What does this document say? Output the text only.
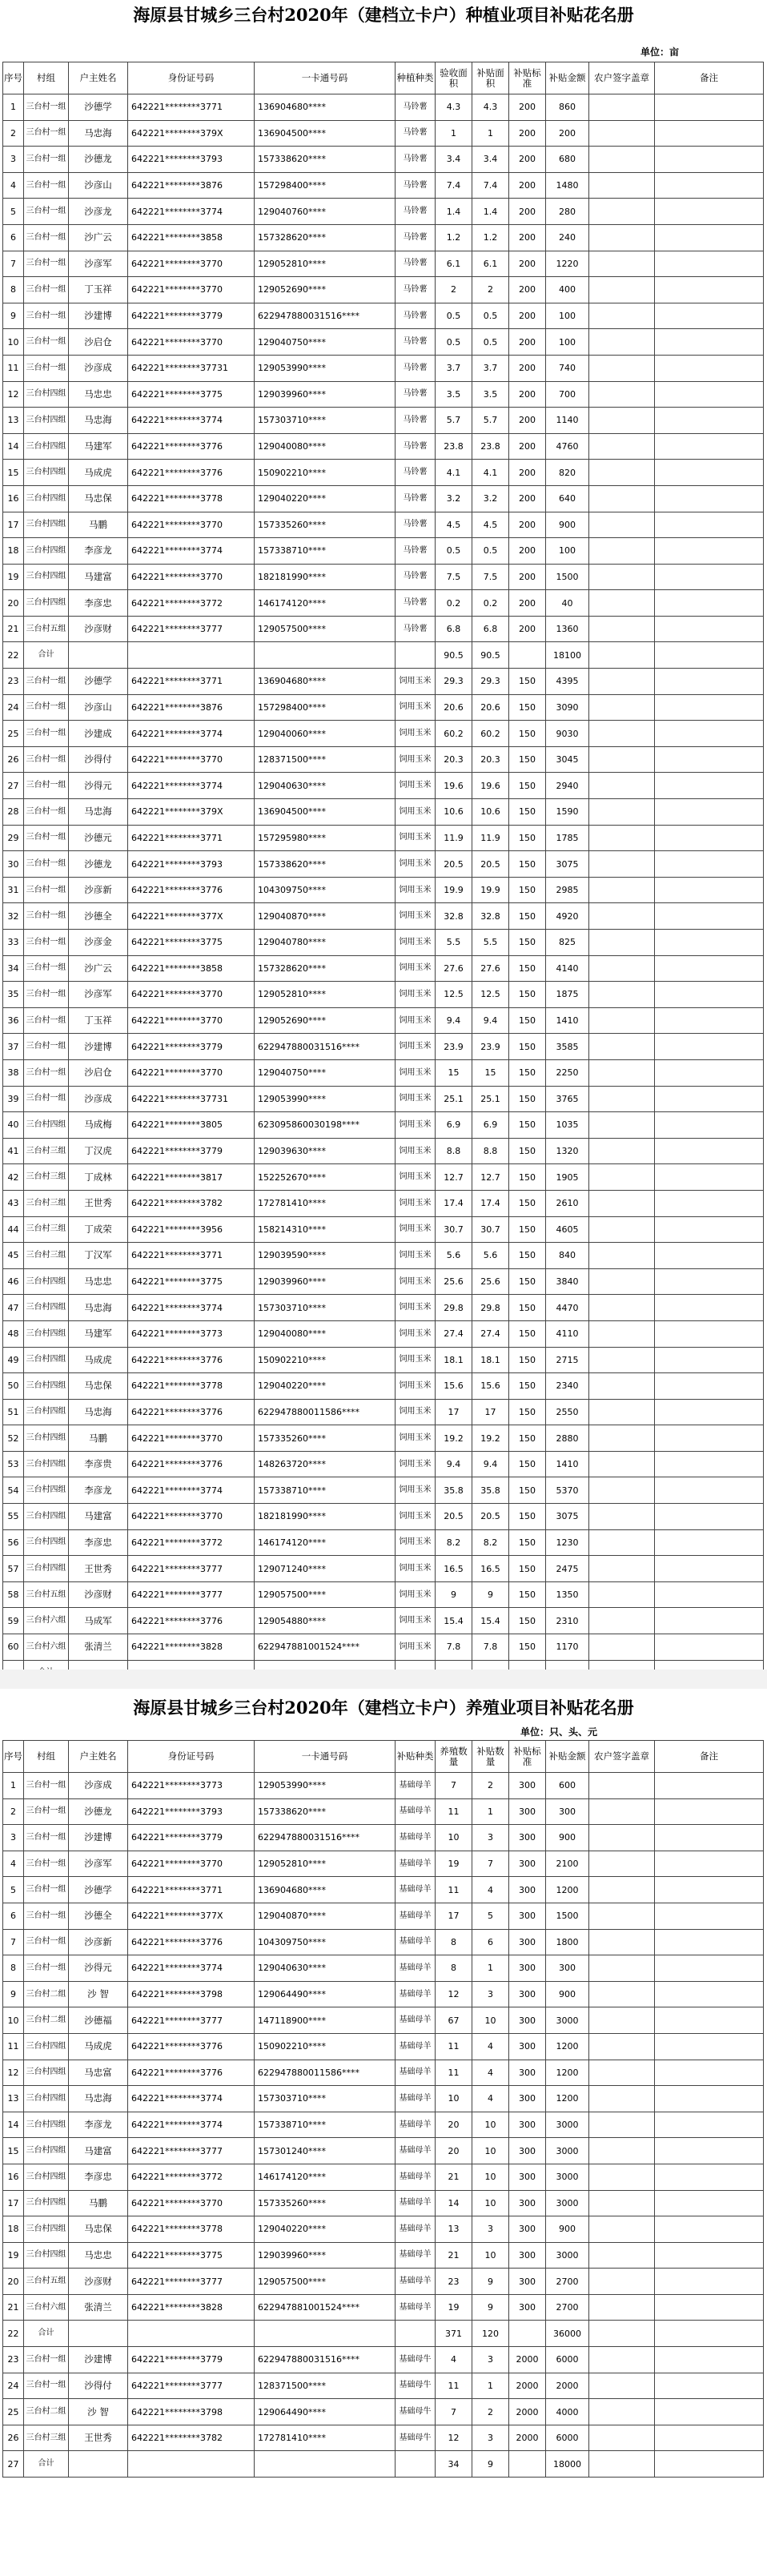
海原县甘城乡三台村2020年（建档立卡户）种植业项目补贴花名册
单位：亩
序号	村组	户主姓名	身份证号码	一卡通号码	种植种类	验收面积	补贴面积	补贴标准	补贴金额	农户签字盖章	备注
1	三台村一组	沙德学	642221********3771	136904680****	马铃薯	4.3	4.3	200	860		
2	三台村一组	马忠海	642221********379X	136904500****	马铃薯	1	1	200	200		
3	三台村一组	沙德龙	642221********3793	157338620****	马铃薯	3.4	3.4	200	680		
4	三台村一组	沙彦山	642221********3876	157298400****	马铃薯	7.4	7.4	200	1480		
5	三台村一组	沙彦龙	642221********3774	129040760****	马铃薯	1.4	1.4	200	280		
6	三台村一组	沙广云	642221********3858	157328620****	马铃薯	1.2	1.2	200	240		
7	三台村一组	沙彦军	642221********3770	129052810****	马铃薯	6.1	6.1	200	1220		
8	三台村一组	丁玉祥	642221********3770	129052690****	马铃薯	2	2	200	400		
9	三台村一组	沙建博	642221********3779	622947880031516****	马铃薯	0.5	0.5	200	100		
10	三台村一组	沙启仓	642221********3770	129040750****	马铃薯	0.5	0.5	200	100		
11	三台村一组	沙彦成	642221********37731	129053990****	马铃薯	3.7	3.7	200	740		
12	三台村四组	马忠忠	642221********3775	129039960****	马铃薯	3.5	3.5	200	700		
13	三台村四组	马忠海	642221********3774	157303710****	马铃薯	5.7	5.7	200	1140		
14	三台村四组	马建军	642221********3776	129040080****	马铃薯	23.8	23.8	200	4760		
15	三台村四组	马成虎	642221********3776	150902210****	马铃薯	4.1	4.1	200	820		
16	三台村四组	马忠保	642221********3778	129040220****	马铃薯	3.2	3.2	200	640		
17	三台村四组	马鹏	642221********3770	157335260****	马铃薯	4.5	4.5	200	900		
18	三台村四组	李彦龙	642221********3774	157338710****	马铃薯	0.5	0.5	200	100		
19	三台村四组	马建富	642221********3770	182181990****	马铃薯	7.5	7.5	200	1500		
20	三台村四组	李彦忠	642221********3772	146174120****	马铃薯	0.2	0.2	200	40		
21	三台村五组	沙彦财	642221********3777	129057500****	马铃薯	6.8	6.8	200	1360		
22	合计					90.5	90.5		18100		
23	三台村一组	沙德学	642221********3771	136904680****	饲用玉米	29.3	29.3	150	4395		
24	三台村一组	沙彦山	642221********3876	157298400****	饲用玉米	20.6	20.6	150	3090		
25	三台村一组	沙建成	642221********3774	129040060****	饲用玉米	60.2	60.2	150	9030		
26	三台村一组	沙得付	642221********3770	128371500****	饲用玉米	20.3	20.3	150	3045		
27	三台村一组	沙得元	642221********3774	129040630****	饲用玉米	19.6	19.6	150	2940		
28	三台村一组	马忠海	642221********379X	136904500****	饲用玉米	10.6	10.6	150	1590		
29	三台村一组	沙德元	642221********3771	157295980****	饲用玉米	11.9	11.9	150	1785		
30	三台村一组	沙德龙	642221********3793	157338620****	饲用玉米	20.5	20.5	150	3075		
31	三台村一组	沙彦新	642221********3776	104309750****	饲用玉米	19.9	19.9	150	2985		
32	三台村一组	沙德全	642221********377X	129040870****	饲用玉米	32.8	32.8	150	4920		
33	三台村一组	沙彦金	642221********3775	129040780****	饲用玉米	5.5	5.5	150	825		
34	三台村一组	沙广云	642221********3858	157328620****	饲用玉米	27.6	27.6	150	4140		
35	三台村一组	沙彦军	642221********3770	129052810****	饲用玉米	12.5	12.5	150	1875		
36	三台村一组	丁玉祥	642221********3770	129052690****	饲用玉米	9.4	9.4	150	1410		
37	三台村一组	沙建博	642221********3779	622947880031516****	饲用玉米	23.9	23.9	150	3585		
38	三台村一组	沙启仓	642221********3770	129040750****	饲用玉米	15	15	150	2250		
39	三台村一组	沙彦成	642221********37731	129053990****	饲用玉米	25.1	25.1	150	3765		
40	三台村四组	马成梅	642221********3805	623095860030198****	饲用玉米	6.9	6.9	150	1035		
41	三台村三组	丁汉虎	642221********3779	129039630****	饲用玉米	8.8	8.8	150	1320		
42	三台村三组	丁成林	642221********3817	152252670****	饲用玉米	12.7	12.7	150	1905		
43	三台村三组	王世秀	642221********3782	172781410****	饲用玉米	17.4	17.4	150	2610		
44	三台村三组	丁成荣	642221********3956	158214310****	饲用玉米	30.7	30.7	150	4605		
45	三台村三组	丁汉军	642221********3771	129039590****	饲用玉米	5.6	5.6	150	840		
46	三台村四组	马忠忠	642221********3775	129039960****	饲用玉米	25.6	25.6	150	3840		
47	三台村四组	马忠海	642221********3774	157303710****	饲用玉米	29.8	29.8	150	4470		
48	三台村四组	马建军	642221********3773	129040080****	饲用玉米	27.4	27.4	150	4110		
49	三台村四组	马成虎	642221********3776	150902210****	饲用玉米	18.1	18.1	150	2715		
50	三台村四组	马忠保	642221********3778	129040220****	饲用玉米	15.6	15.6	150	2340		
51	三台村四组	马忠海	642221********3776	622947880011586****	饲用玉米	17	17	150	2550		
52	三台村四组	马鹏	642221********3770	157335260****	饲用玉米	19.2	19.2	150	2880		
53	三台村四组	李彦贵	642221********3776	148263720****	饲用玉米	9.4	9.4	150	1410		
54	三台村四组	李彦龙	642221********3774	157338710****	饲用玉米	35.8	35.8	150	5370		
55	三台村四组	马建富	642221********3770	182181990****	饲用玉米	20.5	20.5	150	3075		
56	三台村四组	李彦忠	642221********3772	146174120****	饲用玉米	8.2	8.2	150	1230		
57	三台村四组	王世秀	642221********3777	129071240****	饲用玉米	16.5	16.5	150	2475		
58	三台村五组	沙彦财	642221********3777	129057500****	饲用玉米	9	9	150	1350		
59	三台村六组	马成军	642221********3776	129054880****	饲用玉米	15.4	15.4	150	2310		
60	三台村六组	张清兰	642221********3828	622947881001524****	饲用玉米	7.8	7.8	150	1170		

海原县甘城乡三台村2020年（建档立卡户）养殖业项目补贴花名册
单位：只、头、元
序号	村组	户主姓名	身份证号码	一卡通号码	补贴种类	养殖数量	补贴数量	补贴标准	补贴金额	农户签字盖章	备注
1	三台村一组	沙彦成	642221********3773	129053990****	基础母羊	7	2	300	600		
2	三台村一组	沙德龙	642221********3793	157338620****	基础母羊	11	1	300	300		
3	三台村一组	沙建博	642221********3779	622947880031516****	基础母羊	10	3	300	900		
4	三台村一组	沙彦军	642221********3770	129052810****	基础母羊	19	7	300	2100		
5	三台村一组	沙德学	642221********3771	136904680****	基础母羊	11	4	300	1200		
6	三台村一组	沙德全	642221********377X	129040870****	基础母羊	17	5	300	1500		
7	三台村一组	沙彦新	642221********3776	104309750****	基础母羊	8	6	300	1800		
8	三台村一组	沙得元	642221********3774	129040630****	基础母羊	8	1	300	300		
9	三台村二组	沙 智	642221********3798	129064490****	基础母羊	12	3	300	900		
10	三台村二组	沙德福	642221********3777	147118900****	基础母羊	67	10	300	3000		
11	三台村四组	马成虎	642221********3776	150902210****	基础母羊	11	4	300	1200		
12	三台村四组	马忠富	642221********3776	622947880011586****	基础母羊	11	4	300	1200		
13	三台村四组	马忠海	642221********3774	157303710****	基础母羊	10	4	300	1200		
14	三台村四组	李彦龙	642221********3774	157338710****	基础母羊	20	10	300	3000		
15	三台村四组	马建富	642221********3777	157301240****	基础母羊	20	10	300	3000		
16	三台村四组	李彦忠	642221********3772	146174120****	基础母羊	21	10	300	3000		
17	三台村四组	马鹏	642221********3770	157335260****	基础母羊	14	10	300	3000		
18	三台村四组	马忠保	642221********3778	129040220****	基础母羊	13	3	300	900		
19	三台村四组	马忠忠	642221********3775	129039960****	基础母羊	21	10	300	3000		
20	三台村五组	沙彦财	642221********3777	129057500****	基础母羊	23	9	300	2700		
21	三台村六组	张清兰	642221********3828	622947881001524****	基础母羊	19	9	300	2700		
22	合计					371	120		36000		
23	三台村一组	沙建博	642221********3779	622947880031516****	基础母牛	4	3	2000	6000		
24	三台村一组	沙得付	642221********3777	128371500****	基础母牛	11	1	2000	2000		
25	三台村二组	沙 智	642221********3798	129064490****	基础母牛	7	2	2000	4000		
26	三台村三组	王世秀	642221********3782	172781410****	基础母牛	12	3	2000	6000		
27	合计					34	9		18000		
